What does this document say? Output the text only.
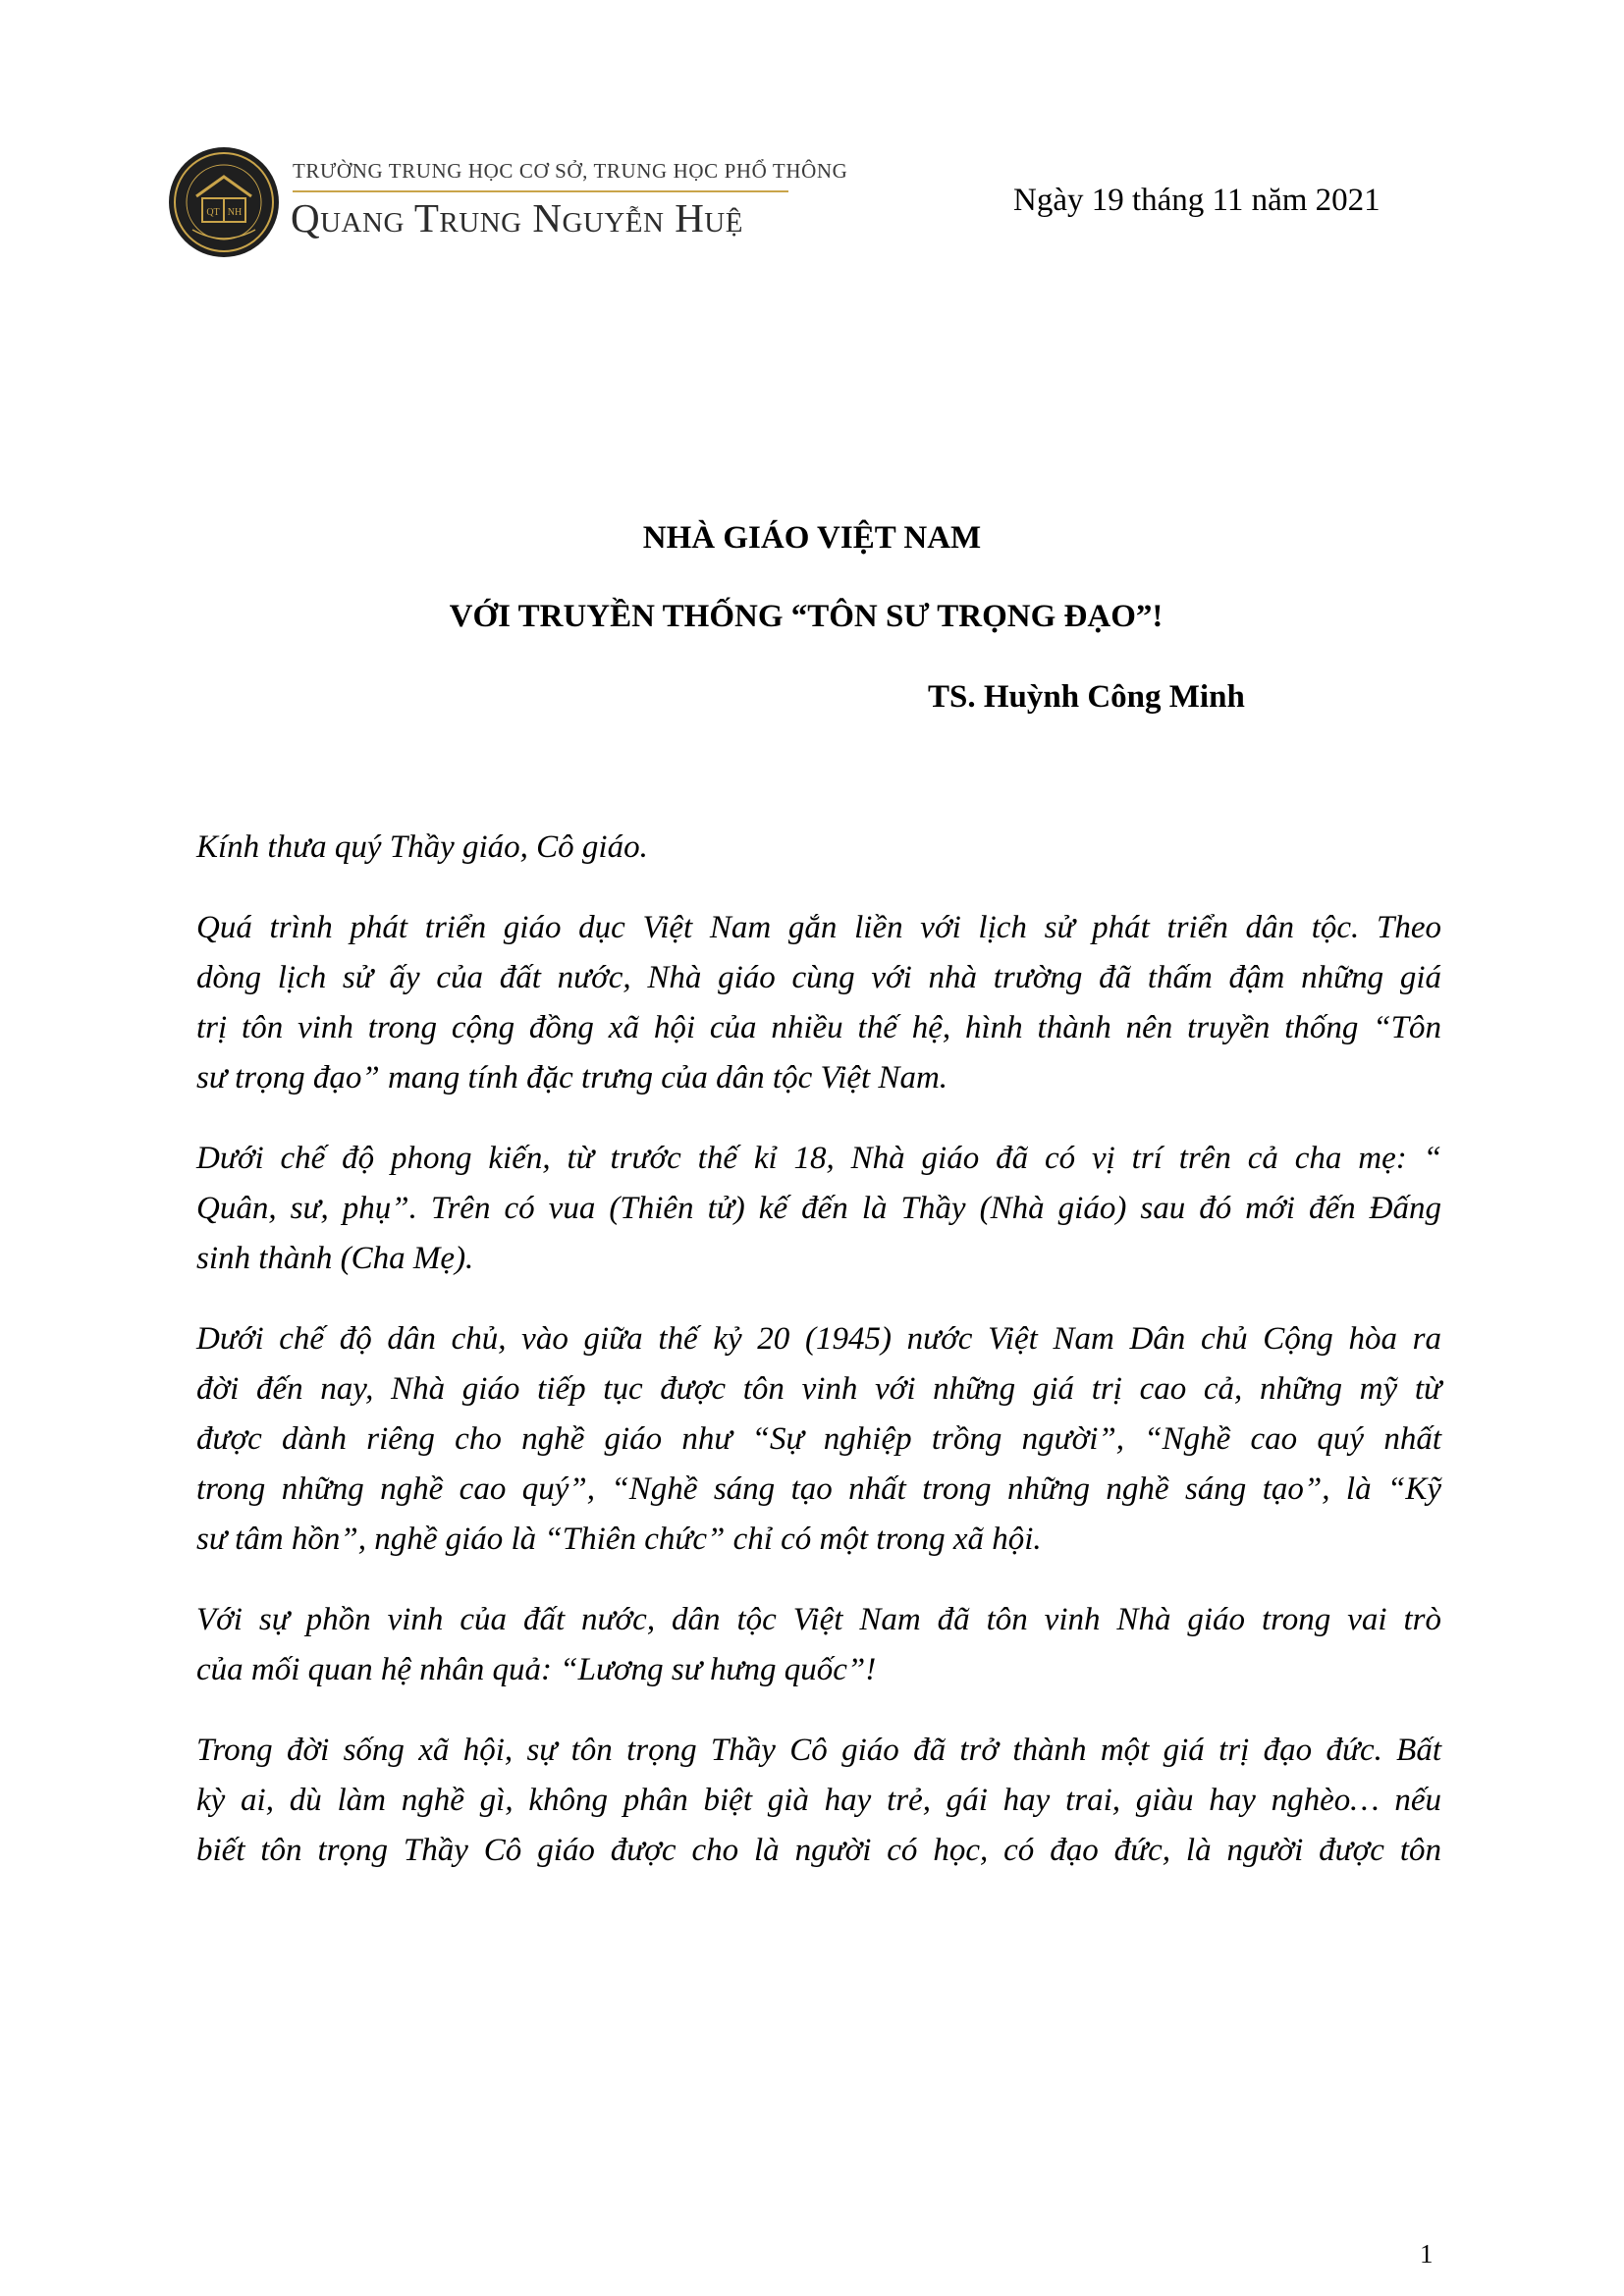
QT NH
TRƯỜNG TRUNG HỌC CƠ SỞ, TRUNG HỌC PHỔ THÔNG
Quang Trung Nguyễn Huệ	Ngày 19 tháng 11 năm 2021
NHÀ GIÁO VIỆT NAM
VỚI TRUYỀN THỐNG “TÔN SƯ TRỌNG ĐẠO”!
TS. Huỳnh Công Minh

Kính thưa quý Thầy giáo, Cô giáo.

Quá trình phát triển giáo dục Việt Nam gắn liền với lịch sử phát triển dân tộc. Theo
dòng lịch sử ấy của đất nước, Nhà giáo cùng với nhà trường đã thấm đậm những giá
trị tôn vinh trong cộng đồng xã hội của nhiều thế hệ, hình thành nên truyền thống “Tôn
sư trọng đạo” mang tính đặc trưng của dân tộc Việt Nam.

Dưới chế độ phong kiến, từ trước thế kỉ 18, Nhà giáo đã có vị trí trên cả cha mẹ: “
Quân, sư, phụ”. Trên có vua (Thiên tử) kế đến là Thầy (Nhà giáo) sau đó mới đến Đấng
sinh thành (Cha Mẹ).

Dưới chế độ dân chủ, vào giữa thế kỷ 20 (1945) nước Việt Nam Dân chủ Cộng hòa ra
đời đến nay, Nhà giáo tiếp tục được tôn vinh với những giá trị cao cả, những mỹ từ
được dành riêng cho nghề giáo như “Sự nghiệp trồng người”, “Nghề cao quý nhất
trong những nghề cao quý”, “Nghề sáng tạo nhất trong những nghề sáng tạo”, là “Kỹ
sư tâm hồn”, nghề giáo là “Thiên chức” chỉ có một trong xã hội.

Với sự phồn vinh của đất nước, dân tộc Việt Nam đã tôn vinh Nhà giáo trong vai trò
của mối quan hệ nhân quả: “Lương sư hưng quốc”!

Trong đời sống xã hội, sự tôn trọng Thầy Cô giáo đã trở thành một giá trị đạo đức. Bất
kỳ ai, dù làm nghề gì, không phân biệt già hay trẻ, gái hay trai, giàu hay nghèo… nếu
biết tôn trọng Thầy Cô giáo được cho là người có học, có đạo đức, là người được tôn

1
